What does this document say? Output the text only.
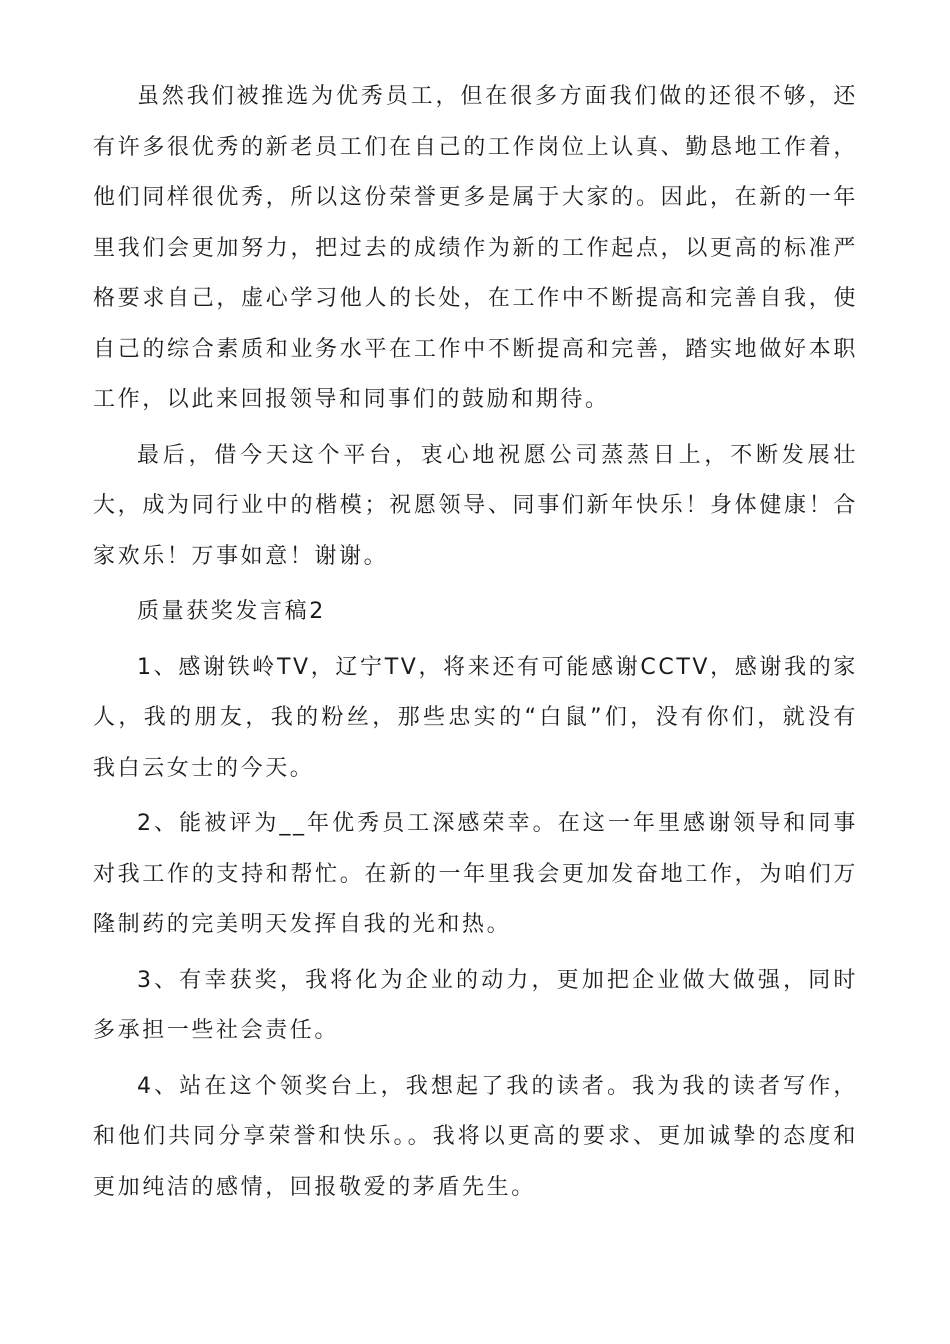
虽然我们被推选为优秀员工，但在很多方面我们做的还很不够，还有许多很优秀的新老员工们在自己的工作岗位上认真、勤恳地工作着，他们同样很优秀，所以这份荣誉更多是属于大家的。因此，在新的一年里我们会更加努力，把过去的成绩作为新的工作起点，以更高的标准严格要求自己，虚心学习他人的长处，在工作中不断提高和完善自我，使自己的综合素质和业务水平在工作中不断提高和完善，踏实地做好本职工作，以此来回报领导和同事们的鼓励和期待。

最后，借今天这个平台，衷心地祝愿公司蒸蒸日上，不断发展壮大，成为同行业中的楷模；祝愿领导、同事们新年快乐！身体健康！合家欢乐！万事如意！谢谢。

质量获奖发言稿2

1、感谢铁岭TV，辽宁TV，将来还有可能感谢CCTV，感谢我的家人，我的朋友，我的粉丝，那些忠实的“白鼠”们，没有你们，就没有我白云女士的今天。

2、能被评为__年优秀员工深感荣幸。在这一年里感谢领导和同事对我工作的支持和帮忙。在新的一年里我会更加发奋地工作，为咱们万隆制药的完美明天发挥自我的光和热。

3、有幸获奖，我将化为企业的动力，更加把企业做大做强，同时多承担一些社会责任。

4、站在这个领奖台上，我想起了我的读者。我为我的读者写作，和他们共同分享荣誉和快乐。。我将以更高的要求、更加诚挚的态度和更加纯洁的感情，回报敬爱的茅盾先生。
